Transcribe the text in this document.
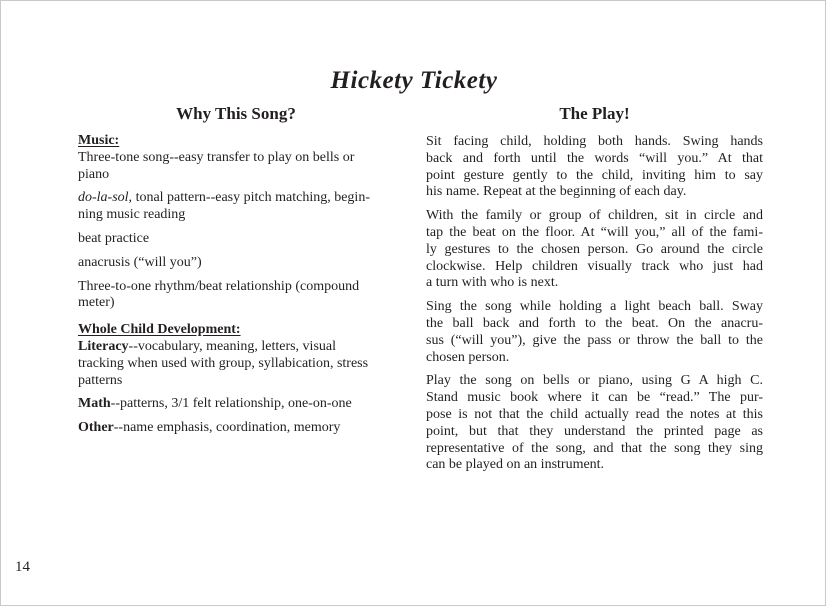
Hickety Tickety
Why This Song?
Music:
Three-tone song--easy transfer to play on bells or
piano
do-la-sol, tonal pattern--easy pitch matching, begin-
ning music reading
beat practice
anacrusis (“will you”)
Three-to-one rhythm/beat relationship (compound
meter)
Whole Child Development:
Literacy--vocabulary, meaning, letters, visual
tracking when used with group, syllabication, stress
patterns
Math--patterns, 3/1 felt relationship, one-on-one
Other--name emphasis, coordination, memory
The Play!

Sit facing child, holding both hands. Swing hands
back and forth until the words “will you.” At that
point gesture gently to the child, inviting him to say
his name. Repeat at the beginning of each day.

With the family or group of children, sit in circle and
tap the beat on the floor. At “will you,” all of the fami-
ly gestures to the chosen person. Go around the circle
clockwise. Help children visually track who just had
a turn with who is next.

Sing the song while holding a light beach ball. Sway
the ball back and forth to the beat. On the anacru-
sus (“will you”), give the pass or throw the ball to the
chosen person.

Play the song on bells or piano, using G A high C.
Stand music book where it can be “read.” The pur-
pose is not that the child actually read the notes at this
point, but that they understand the printed page as
representative of the song, and that the song they sing
can be played on an instrument.

14
